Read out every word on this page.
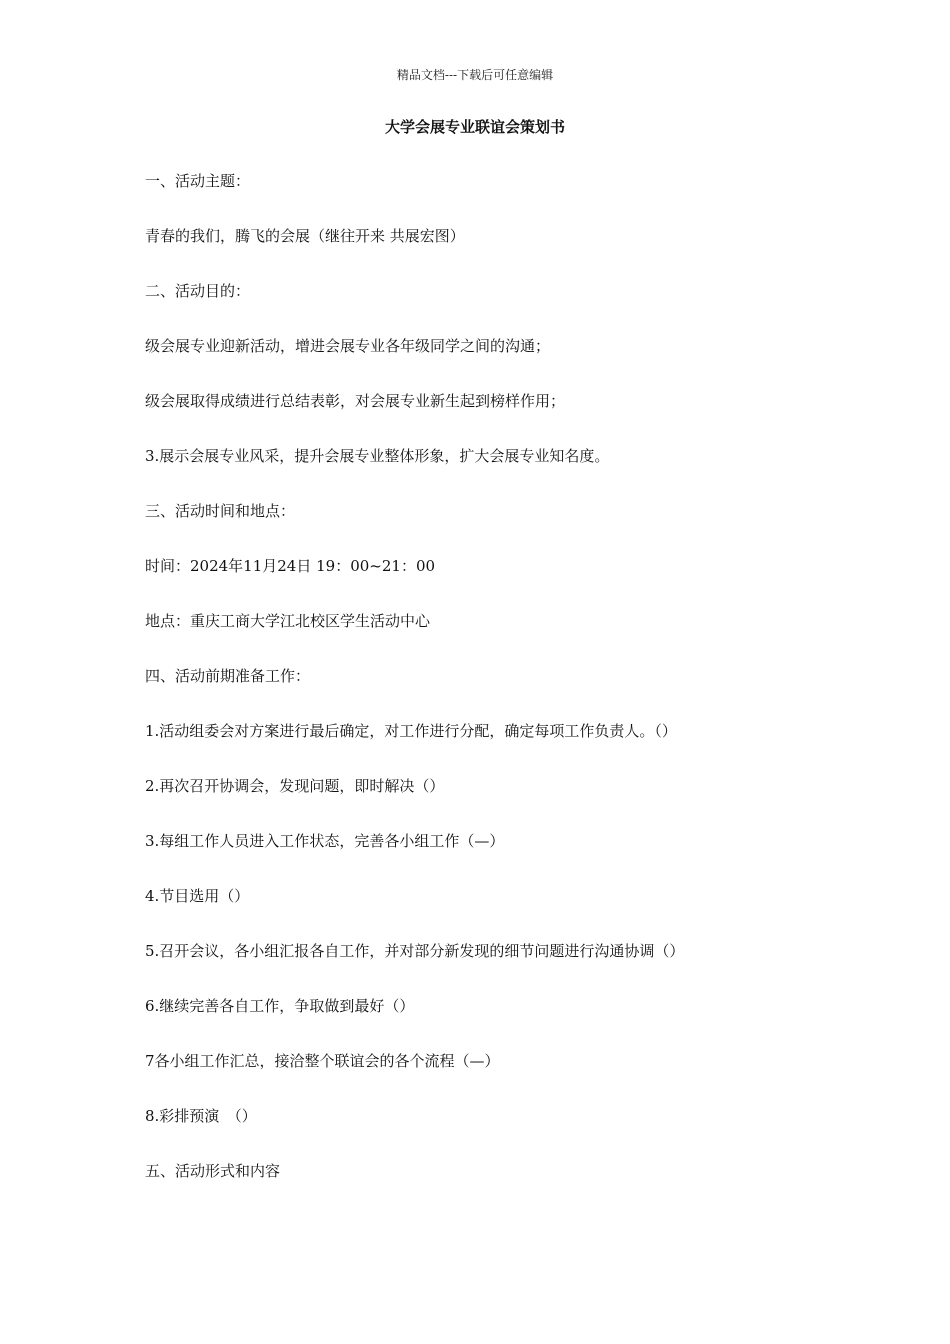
精品文档---下载后可任意编辑
大学会展专业联谊会策划书
一、活动主题：
青春的我们，腾飞的会展（继往开来 共展宏图）
二、活动目的：
级会展专业迎新活动，增进会展专业各年级同学之间的沟通；
级会展取得成绩进行总结表彰，对会展专业新生起到榜样作用；
3.展示会展专业风采，提升会展专业整体形象，扩大会展专业知名度。
三、活动时间和地点：
时间：2024年11月24日 19：00~21：00
地点：重庆工商大学江北校区学生活动中心
四、活动前期准备工作：
1.活动组委会对方案进行最后确定，对工作进行分配，确定每项工作负责人。（）
2.再次召开协调会，发现问题，即时解决（）
3.每组工作人员进入工作状态，完善各小组工作（—）
4.节目选用（）
5.召开会议，各小组汇报各自工作，并对部分新发现的细节问题进行沟通协调（）
6.继续完善各自工作，争取做到最好（）
7各小组工作汇总，接洽整个联谊会的各个流程（—）
8.彩排预演　（）
五、活动形式和内容
